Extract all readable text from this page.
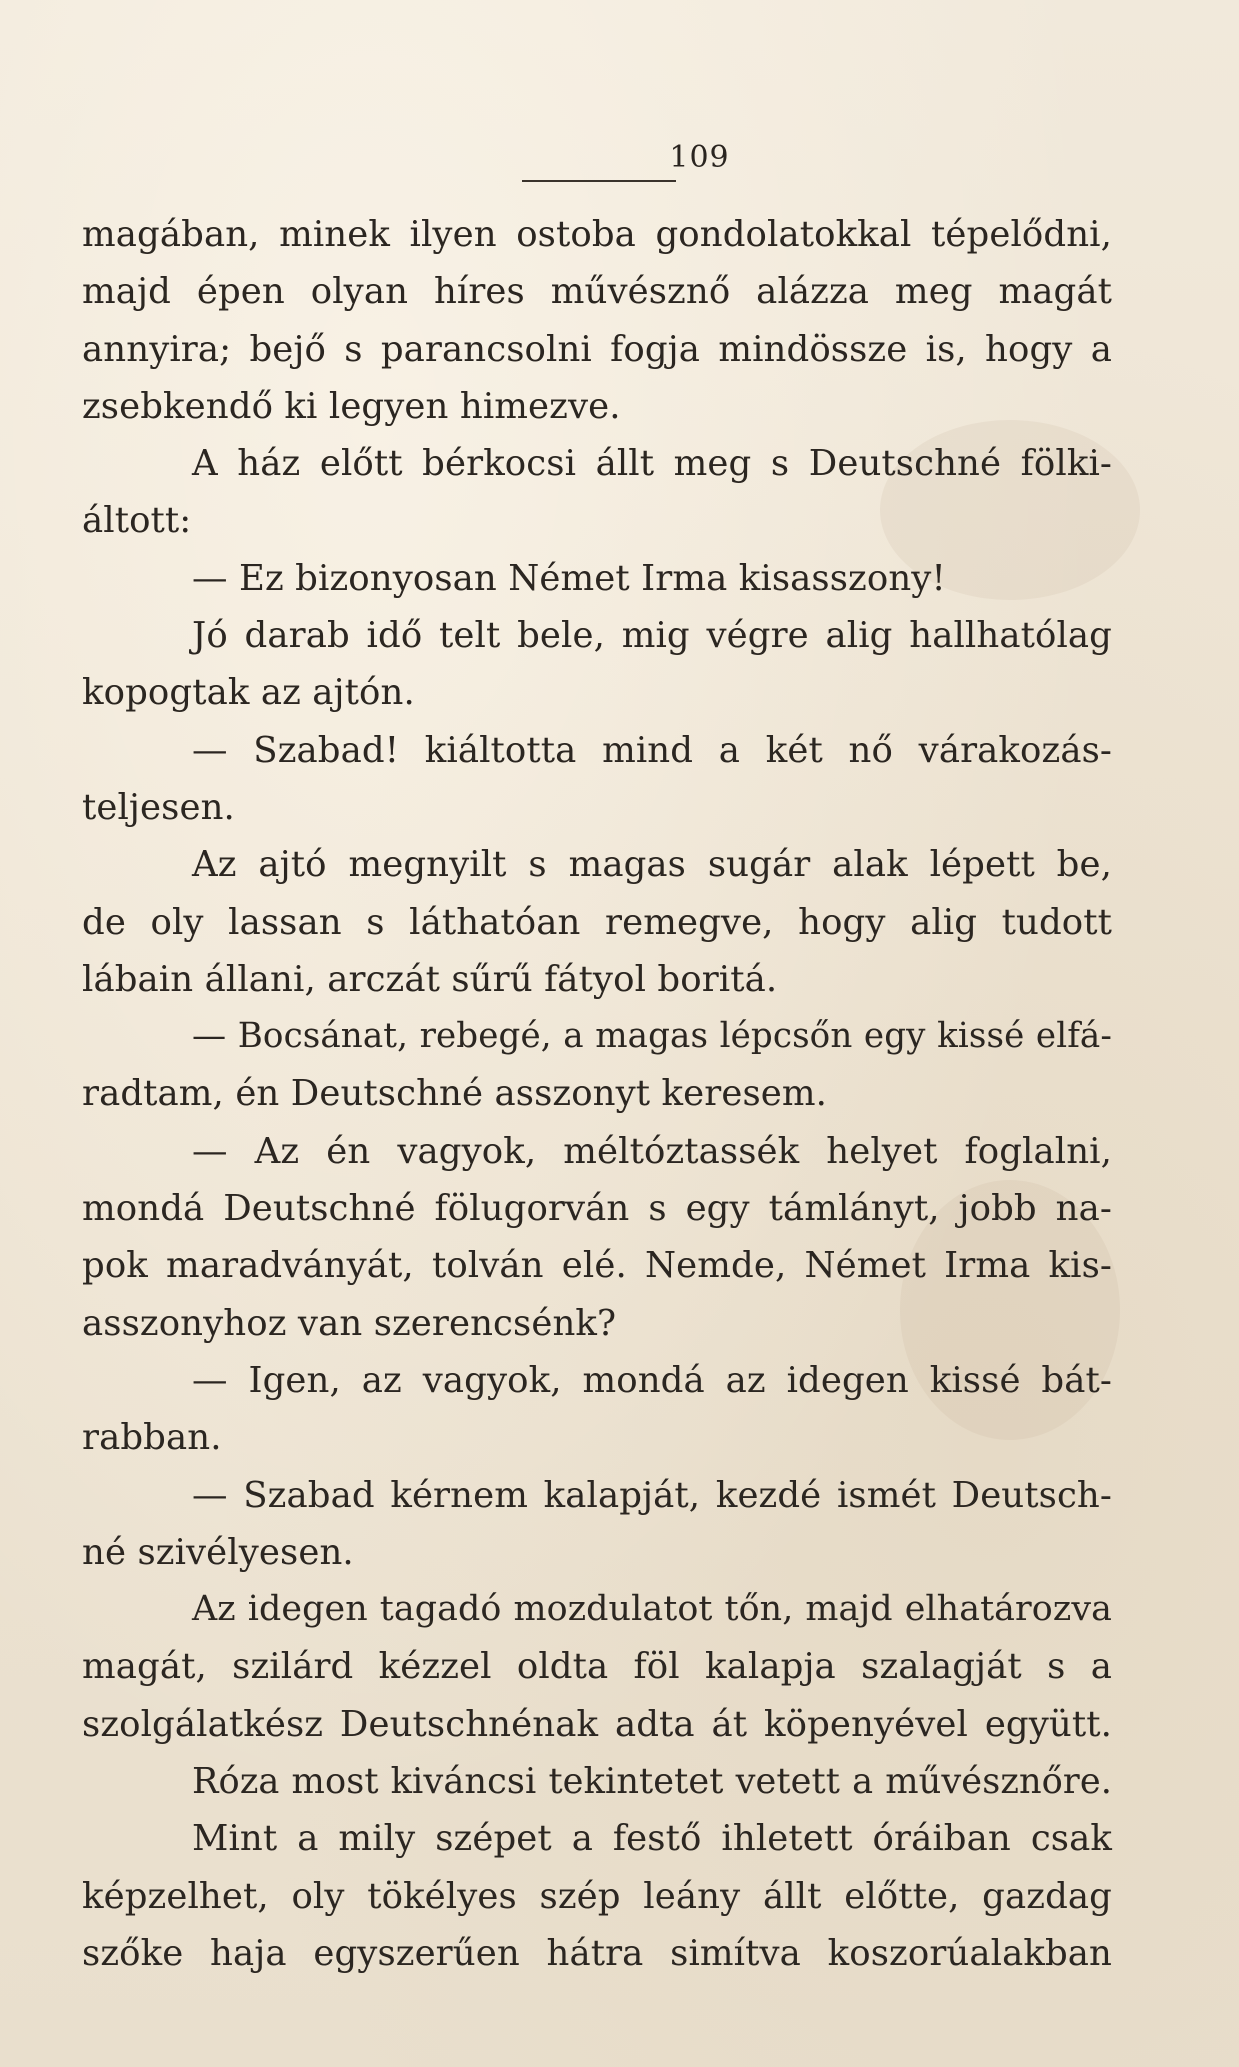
109
magában, minek ilyen ostoba gondolatokkal tépelődni,
majd épen olyan híres művésznő alázza meg magát
annyira; bejő s parancsolni fogja mindössze is, hogy a
zsebkendő ki legyen himezve.
A ház előtt bérkocsi állt meg s Deutschné fölki-
áltott:
— Ez bizonyosan Német Irma kisasszony!
Jó darab idő telt bele, mig végre alig hallhatólag
kopogtak az ajtón.
— Szabad! kiáltotta mind a két nő várakozás-
teljesen.
Az ajtó megnyilt s magas sugár alak lépett be,
de oly lassan s láthatóan remegve, hogy alig tudott
lábain állani, arczát sűrű fátyol boritá.
— Bocsánat, rebegé, a magas lépcsőn egy kissé elfá-
radtam, én Deutschné asszonyt keresem.
— Az én vagyok, méltóztassék helyet foglalni,
mondá Deutschné fölugorván s egy támlányt, jobb na-
pok maradványát, tolván elé. Nemde, Német Irma kis-
asszonyhoz van szerencsénk?
— Igen, az vagyok, mondá az idegen kissé bát-
rabban.
— Szabad kérnem kalapját, kezdé ismét Deutsch-
né szivélyesen.
Az idegen tagadó mozdulatot tőn, majd elhatározva
magát, szilárd kézzel oldta föl kalapja szalagját s a
szolgálatkész Deutschnénak adta át köpenyével együtt.
Róza most kiváncsi tekintetet vetett a művésznőre.
Mint a mily szépet a festő ihletett óráiban csak
képzelhet, oly tökélyes szép leány állt előtte, gazdag
szőke haja egyszerűen hátra simítva koszorúalakban
